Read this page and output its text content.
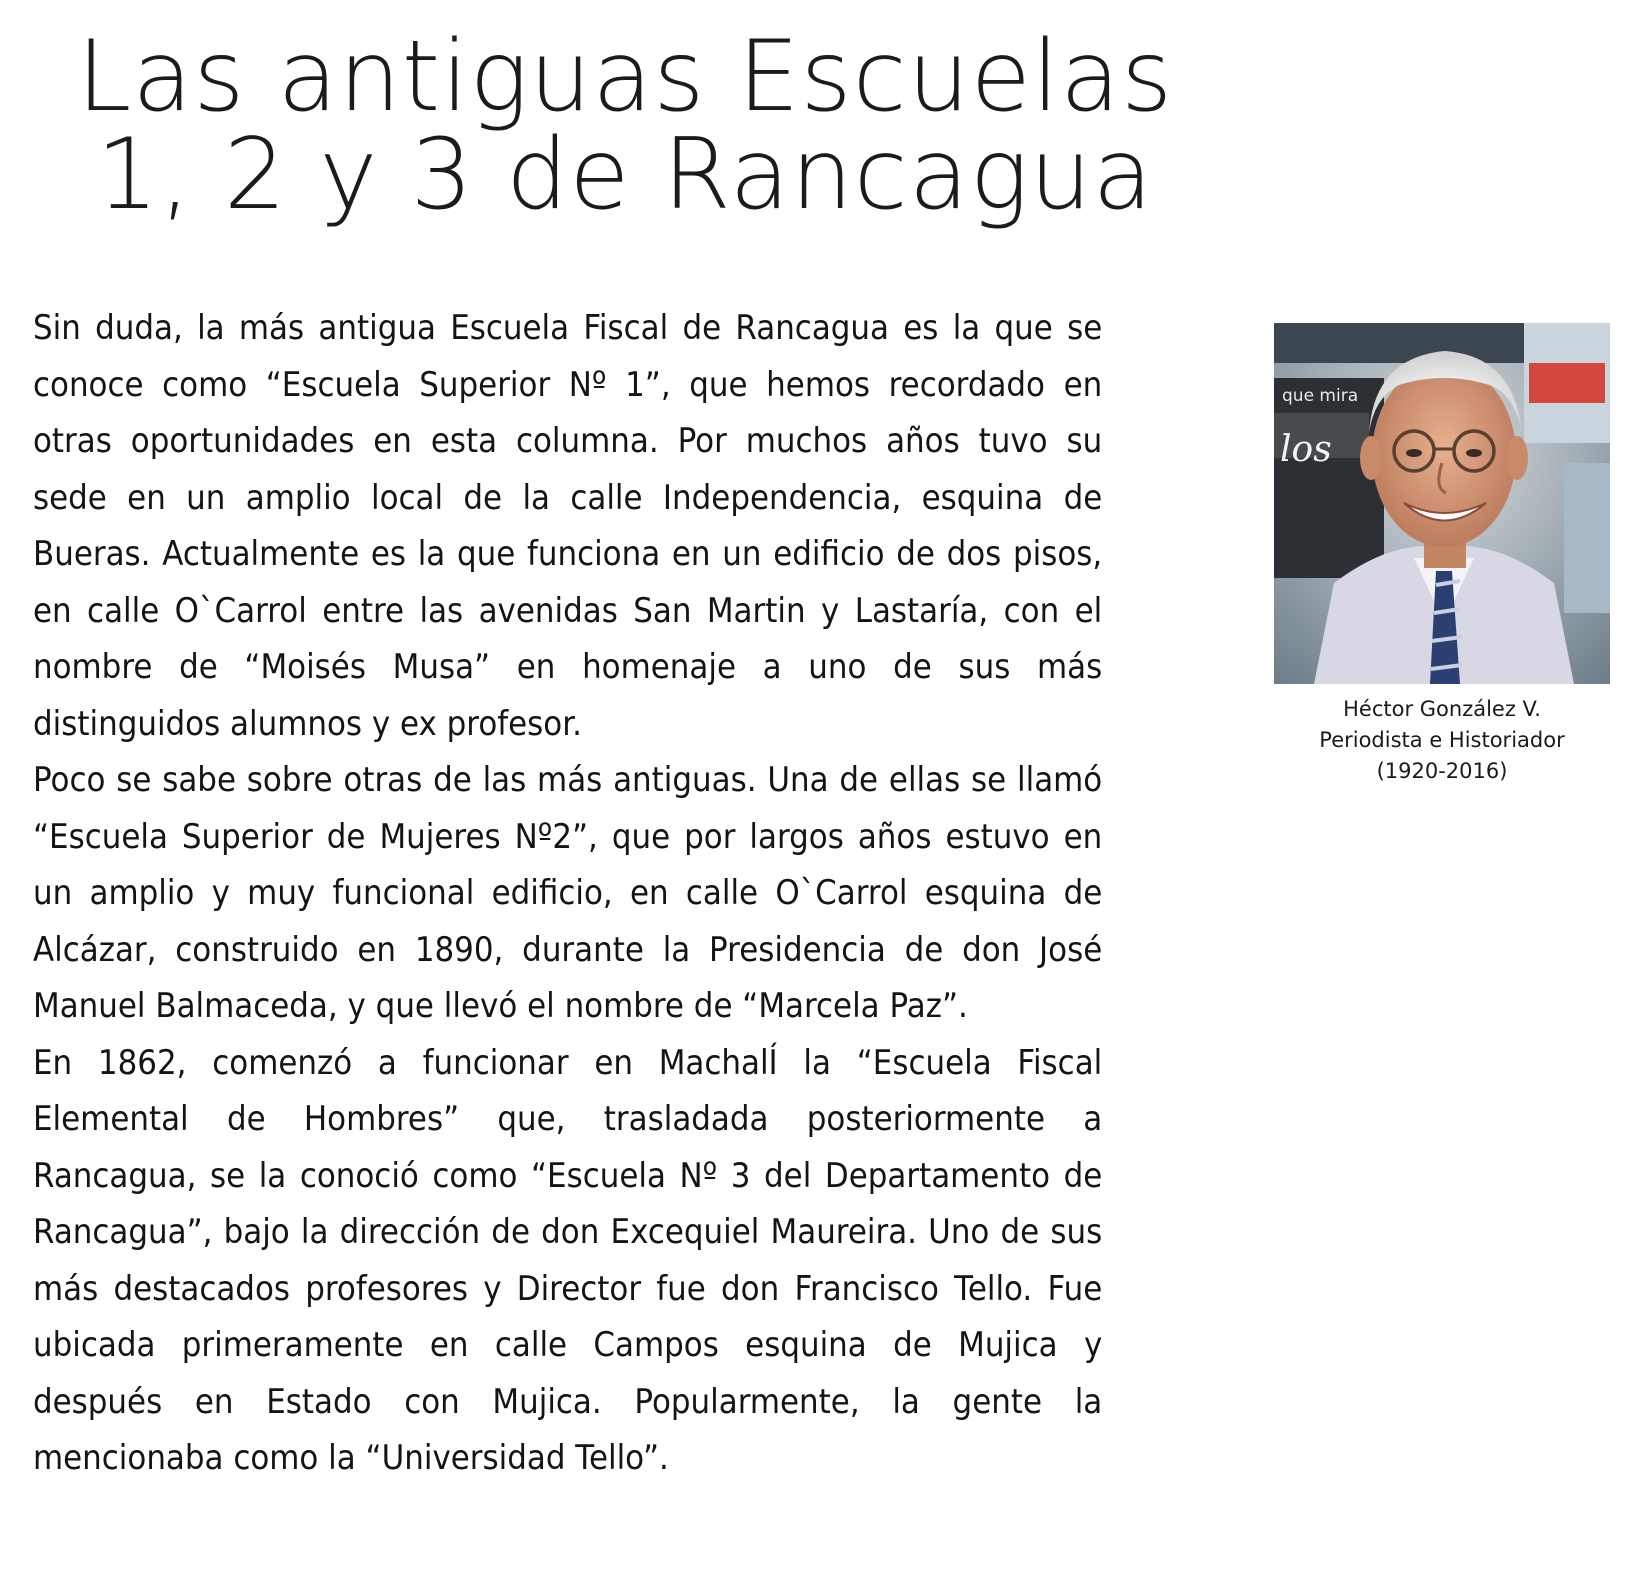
Las antiguas Escuelas
1, 2 y 3 de Rancagua

Sin duda, la más antigua Escuela Fiscal de Rancagua es la que se conoce como “Escuela Superior Nº 1”, que hemos recordado en otras oportunidades en esta columna. Por muchos años tuvo su sede en un amplio local de la calle Independencia, esquina de Bueras. Actualmente es la que funciona en un edificio de dos pisos, en calle O`Carrol entre las avenidas San Martin y Lastaría, con el nombre de “Moisés Musa” en homenaje a uno de sus más distinguidos alumnos y ex profesor.

Poco se sabe sobre otras de las más antiguas. Una de ellas se llamó “Escuela Superior de Mujeres Nº2”, que por largos años estuvo en un amplio y muy funcional edificio, en calle O`Carrol esquina de Alcázar, construido en 1890, durante la Presidencia de don José Manuel Balmaceda, y que llevó el nombre de “Marcela Paz”.

En 1862, comenzó a funcionar en MachalÍ la “Escuela Fiscal Elemental de Hombres” que, trasladada posteriormente a Rancagua, se la conoció como “Escuela Nº 3 del Departamento de Rancagua”, bajo la dirección de don Excequiel Maureira. Uno de sus más destacados profesores y Director fue don Francisco Tello. Fue ubicada primeramente en calle Campos esquina de Mujica y después en Estado con Mujica. Popularmente, la gente la mencionaba como la “Universidad Tello”.

que mira
los
Héctor González V.
Periodista e Historiador
(1920-2016)
